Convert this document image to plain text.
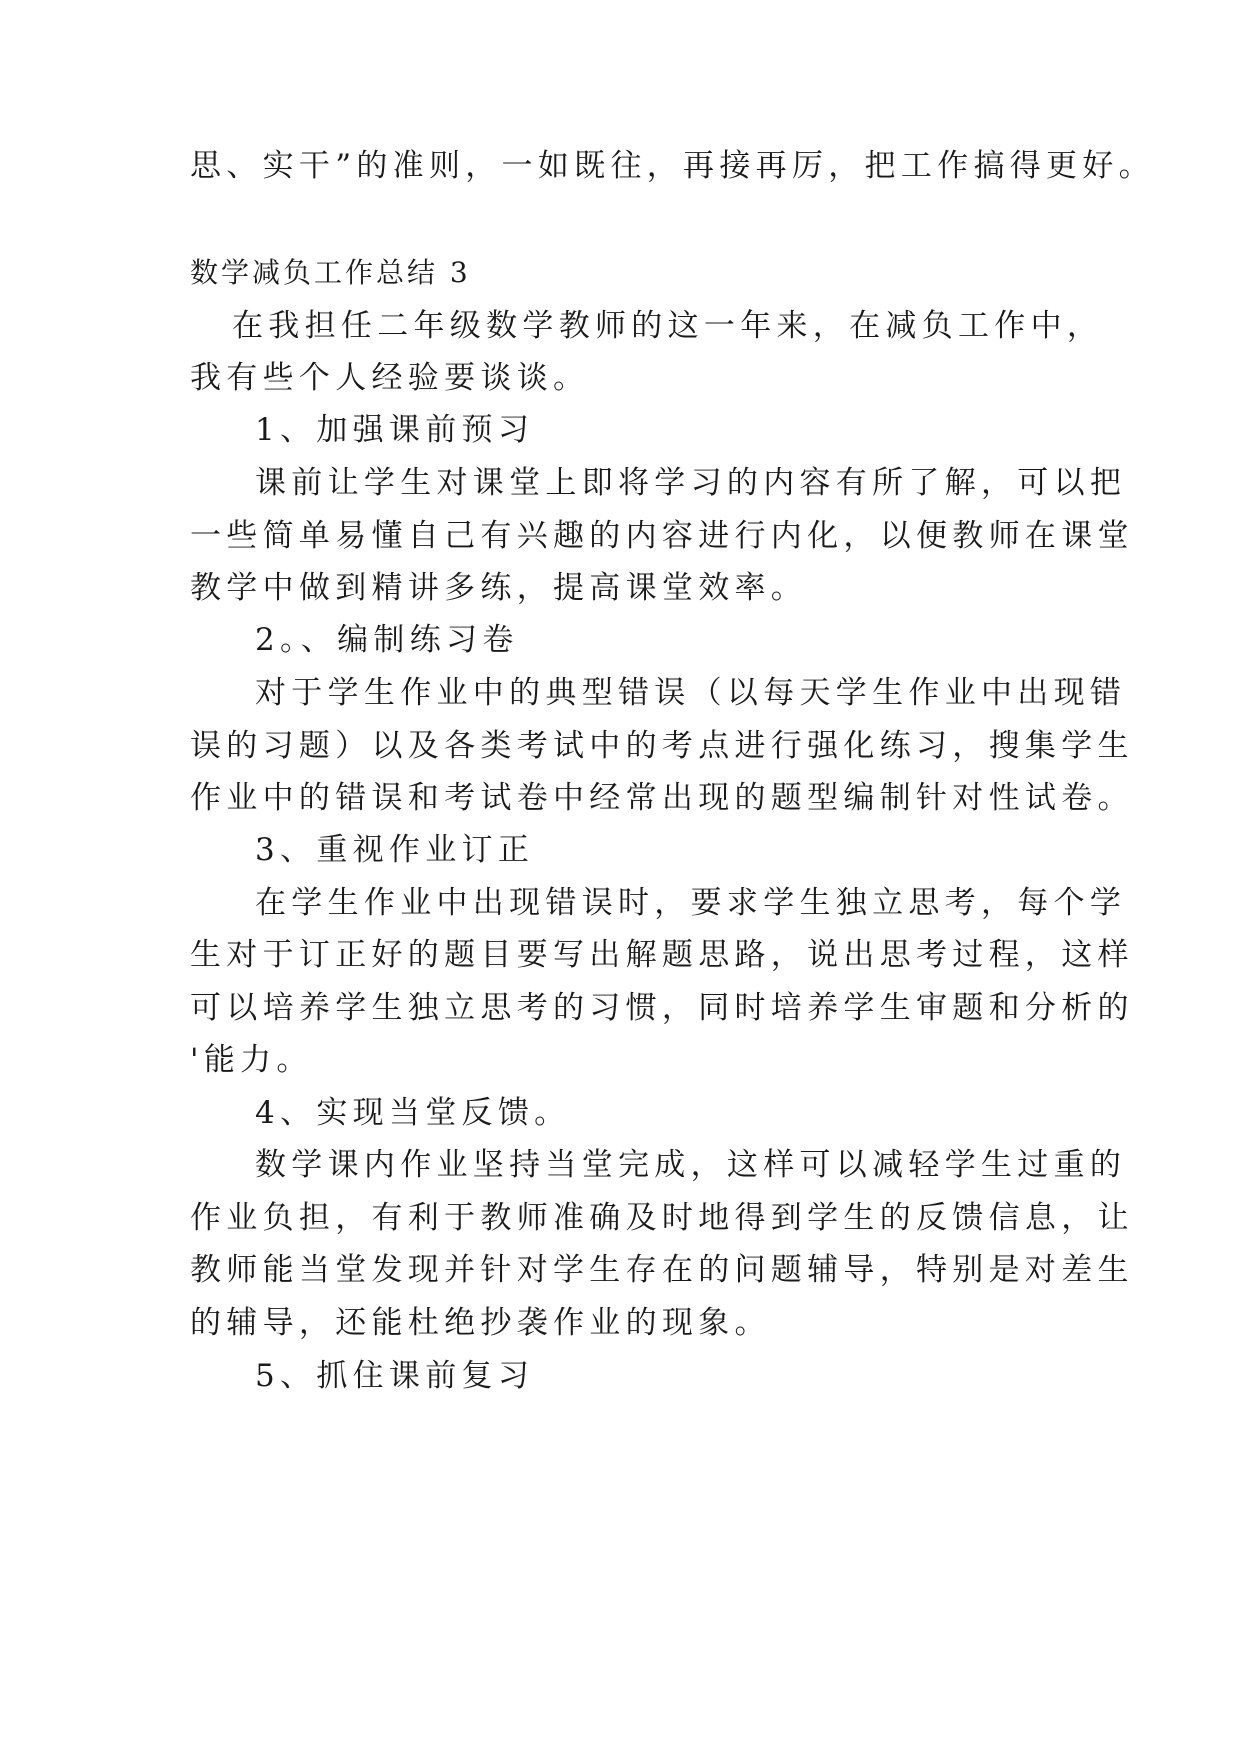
思、实干”的准则，一如既往，再接再厉，把工作搞得更好。
数学减负工作总结 3
在我担任二年级数学教师的这一年来，在减负工作中，
我有些个人经验要谈谈。
1、加强课前预习
课前让学生对课堂上即将学习的内容有所了解，可以把
一些简单易懂自己有兴趣的内容进行内化，以便教师在课堂
教学中做到精讲多练，提高课堂效率。
2。、编制练习卷
对于学生作业中的典型错误（以每天学生作业中出现错
误的习题）以及各类考试中的考点进行强化练习，搜集学生
作业中的错误和考试卷中经常出现的题型编制针对性试卷。
3、重视作业订正
在学生作业中出现错误时，要求学生独立思考，每个学
生对于订正好的题目要写出解题思路，说出思考过程，这样
可以培养学生独立思考的习惯，同时培养学生审题和分析的
'能力。
4、实现当堂反馈。
数学课内作业坚持当堂完成，这样可以减轻学生过重的
作业负担，有利于教师准确及时地得到学生的反馈信息，让
教师能当堂发现并针对学生存在的问题辅导，特别是对差生
的辅导，还能杜绝抄袭作业的现象。
5、抓住课前复习
